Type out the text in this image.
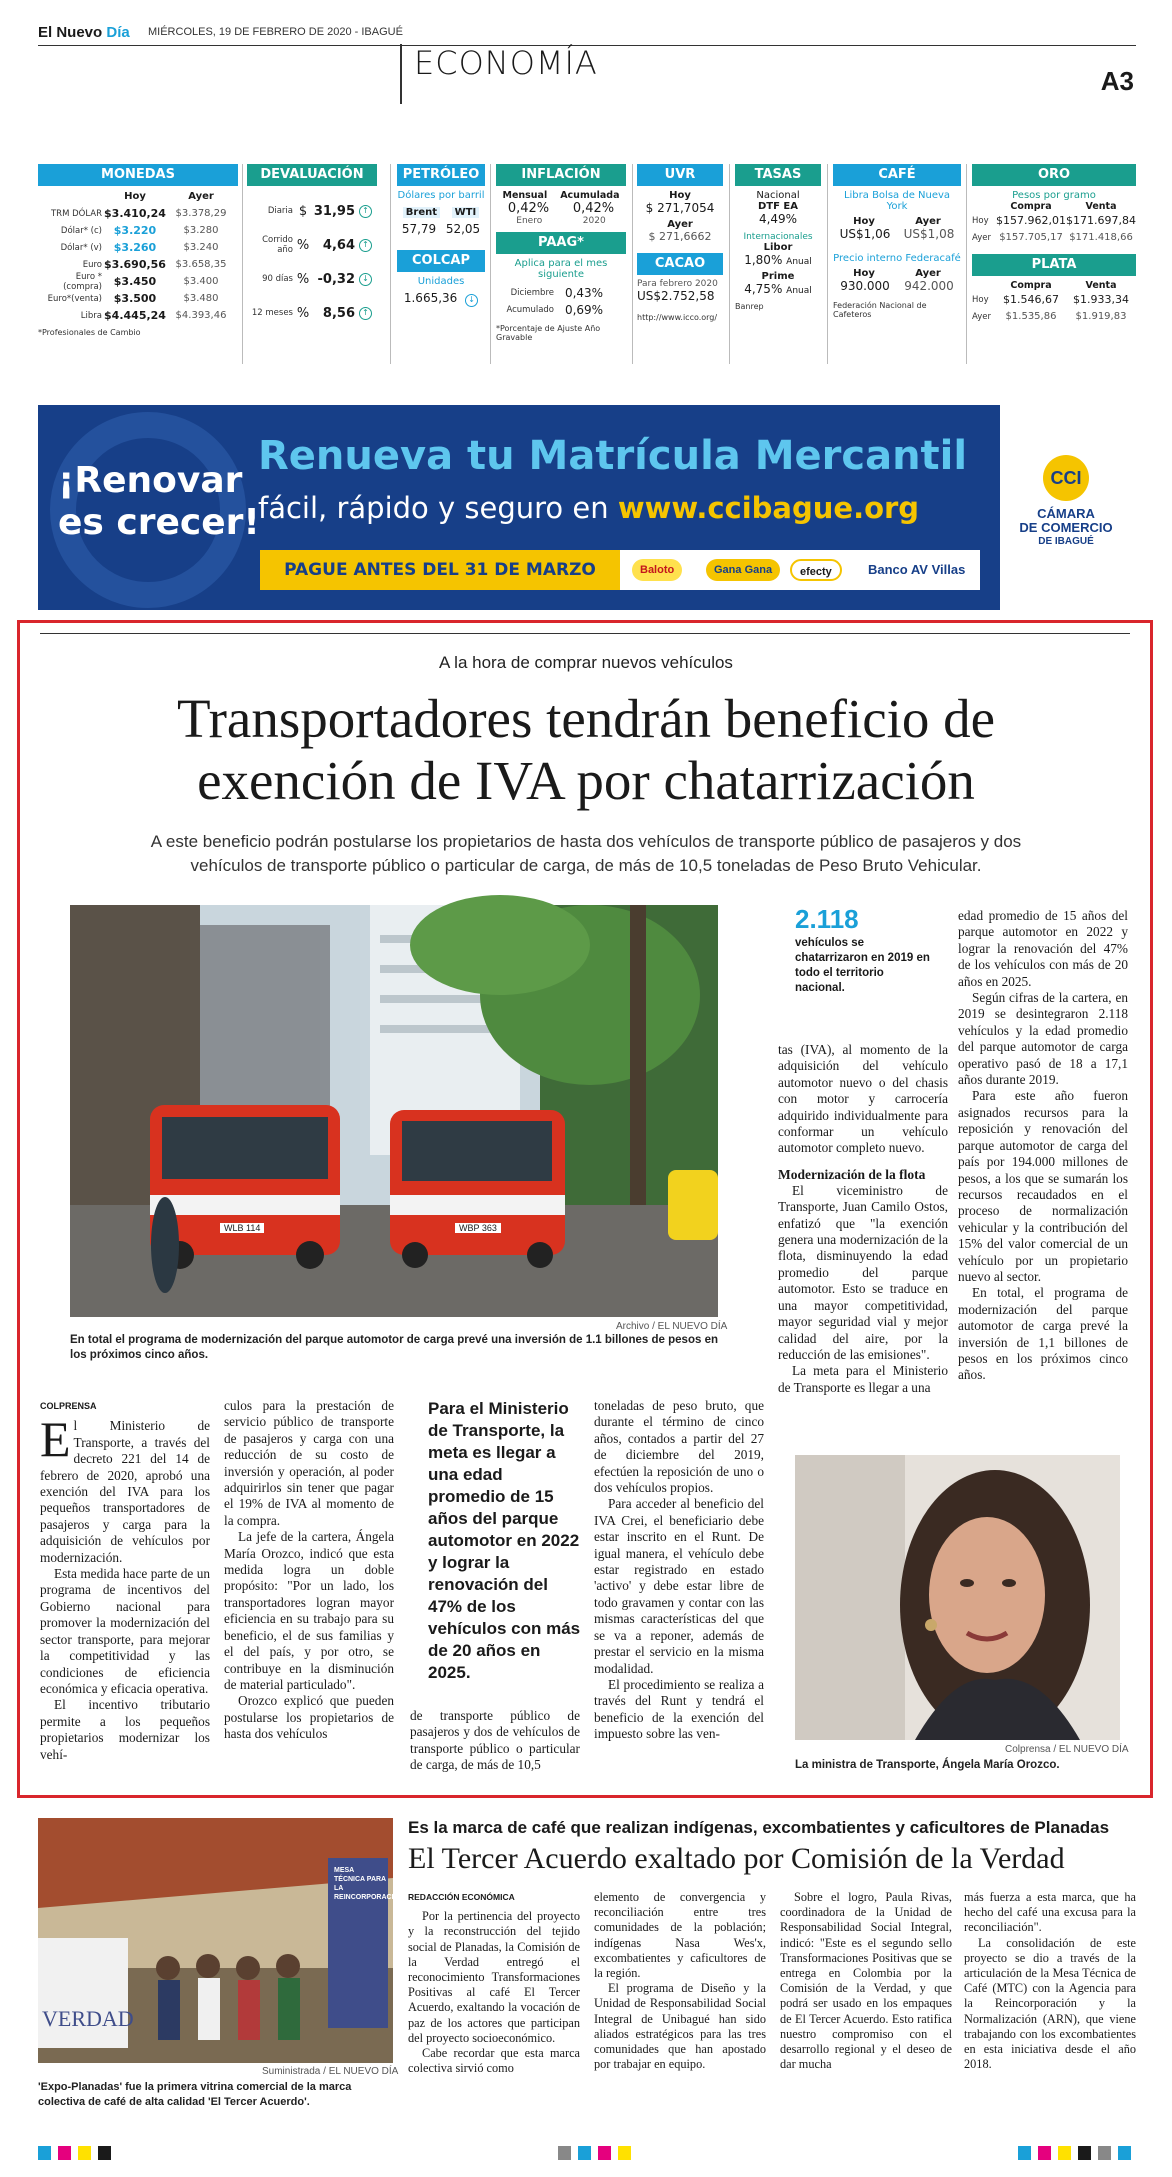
El Nuevo Día MIÉRCOLES, 19 DE FEBRERO DE 2020 - IBAGUÉ
ECONOMÍA	A3
MONEDAS
Hoy	Ayer
TRM DÓLAR $3.410,24 $3.378,29
Dólar* (c)	$3.220	$3.280
Dólar* (v)	$3.260	$3.240
Euro $3.690,56 $3.658,35
Euro *(compra)	$3.450	$3.400
Euro*(venta)	$3.500	$3.480
Libra $4.445,24 $4.393,46
*Profesionales de Cambio
DEVALUACIÓN
Diaria $ 31,95 ↑
Corrido año %	4,64 ↑
90 días % -0,32 ↓
12 meses %	8,56 ↑
PETRÓLEO
Dólares por barril
Brent	WTI
57,79 52,05
COLCAP
Unidades
1.665,36 ↓
INFLACIÓN
Mensual Acumulada
0,42% 0,42%
Enero	2020
PAAG*
Aplica para el mes siguiente
Diciembre 0,43%
Acumulado 0,69%
*Porcentaje de Ajuste Año Gravable
UVR
Hoy
$ 271,7054
Ayer
$ 271,6662
CACAO
Para febrero 2020
US$2.752,58
http://www.icco.org/
TASAS
Nacional
DTF EA
4,49%
Internacionales
Libor
1,80% Anual
Prime
4,75% Anual
Banrep
CAFÉ
Libra Bolsa de Nueva York
Hoy	Ayer
US$1,06 US$1,08
Precio interno Federacafé
Hoy	Ayer
930.000 942.000
Federación Nacional de Cafeteros
ORO
Pesos por gramo
Compra	Venta
Hoy $157.962,01 $171.697,84
Ayer $157.705,17 $171.418,66
PLATA
Compra	Venta
Hoy	$1.546,67	$1.933,34
Ayer	$1.535,86	$1.919,83
¡Renovar
es crecer!
Renueva tu Matrícula Mercantil
fácil, rápido y seguro en www.ccibague.org
PAGUE ANTES DEL 31 DE MARZO	Baloto	Gana Gana	efecty	Banco AV Villas
CCI
CÁMARA
DE COMERCIO
DE IBAGUÉ
A la hora de comprar nuevos vehículos
Transportadores tendrán beneficio de
exención de IVA por chatarrización
A este beneficio podrán postularse los propietarios de hasta dos vehículos de transporte público de pasajeros y dos vehículos de transporte público o particular de carga, de más de 10,5 toneladas de Peso Bruto Vehicular.
WLB 114	WBP 363
Archivo / EL NUEVO DÍA
En total el programa de modernización del parque automotor de carga prevé una inversión de 1.1 billones de pesos en los próximos cinco años.
2.118
vehículos se chatarrizaron en 2019 en todo el territorio nacional.

COLPRENSA

El Ministerio de Transporte, a través del decreto 221 del 14 de febrero de 2020, aprobó una exención del IVA para los pequeños transportadores de pasajeros y carga para la adquisición de vehículos por modernización.

Esta medida hace parte de un programa de incentivos del Gobierno nacional para promover la modernización del sector transporte, para mejorar la competitividad y las condiciones de eficiencia económica y eficacia operativa.

El incentivo tributario permite a los pequeños propietarios modernizar los vehí-

culos para la prestación de servicio público de transporte de pasajeros y carga con una reducción de su costo de inversión y operación, al poder adquirirlos sin tener que pagar el 19% de IVA al momento de la compra.

La jefe de la cartera, Ángela María Orozco, indicó que esta medida logra un doble propósito: "Por un lado, los transportadores logran mayor eficiencia en su trabajo para su beneficio, el de sus familias y el del país, y por otro, se contribuye en la disminución de material particulado".

Orozco explicó que pueden postularse los propietarios de hasta dos vehículos

Para el Ministerio de Transporte, la meta es llegar a una edad promedio de 15 años del parque automotor en 2022 y lograr la renovación del 47% de los vehículos con más de 20 años en 2025.

de transporte público de pasajeros y dos de vehículos de transporte público o particular de carga, de más de 10,5

toneladas de peso bruto, que durante el término de cinco años, contados a partir del 27 de diciembre del 2019, efectúen la reposición de uno o dos vehículos propios.

Para acceder al beneficio del IVA Crei, el beneficiario debe estar inscrito en el Runt. De igual manera, el vehículo debe estar registrado en estado 'activo' y debe estar libre de todo gravamen y contar con las mismas características del que se va a reponer, además de prestar el servicio en la misma modalidad.

El procedimiento se realiza a través del Runt y tendrá el beneficio de la exención del impuesto sobre las ven-

tas (IVA), al momento de la adquisición del vehículo automotor nuevo o del chasis con motor y carrocería adquirido individualmente para conformar un vehículo automotor completo nuevo.

Modernización de la flota

El viceministro de Transporte, Juan Camilo Ostos, enfatizó que "la exención genera una modernización de la flota, disminuyendo la edad promedio del parque automotor. Esto se traduce en una mayor competitividad, mayor seguridad vial y mejor calidad del aire, por la reducción de las emisiones".

La meta para el Ministerio de Transporte es llegar a una

edad promedio de 15 años del parque automotor en 2022 y lograr la renovación del 47% de los vehículos con más de 20 años en 2025.

Según cifras de la cartera, en 2019 se desintegraron 2.118 vehículos y la edad promedio del parque automotor de carga operativo pasó de 18 a 17,1 años durante 2019.

Para este año fueron asignados recursos para la reposición y renovación del parque automotor de carga del país por 194.000 millones de pesos, a los que se sumarán los recursos recaudados en el proceso de normalización vehicular y la contribución del 15% del valor comercial de un vehículo por un propietario nuevo al sector.

En total, el programa de modernización del parque automotor de carga prevé la inversión de 1,1 billones de pesos en los próximos cinco años.

Colprensa / EL NUEVO DÍA
La ministra de Transporte, Ángela María Orozco.
MESA TÉCNICA PARA LA REINCORPORACIÓN
VERDAD
Suministrada / EL NUEVO DÍA
'Expo-Planadas' fue la primera vitrina comercial de la marca colectiva de café de alta calidad 'El Tercer Acuerdo'.
Es la marca de café que realizan indígenas, excombatientes y caficultores de Planadas
El Tercer Acuerdo exaltado por Comisión de la Verdad

REDACCIÓN ECONÓMICA

Por la pertinencia del proyecto y la reconstrucción del tejido social de Planadas, la Comisión de la Verdad entregó el reconocimiento Transformaciones Positivas al café El Tercer Acuerdo, exaltando la vocación de paz de los actores que participan del proyecto socioeconómico.

Cabe recordar que esta marca colectiva sirvió como

elemento de convergencia y reconciliación entre tres comunidades de la población; indígenas Nasa Wes'x, excombatientes y caficultores de la región.

El programa de Diseño y la Unidad de Responsabilidad Social Integral de Unibagué han sido aliados estratégicos para las tres comunidades que han apostado por trabajar en equipo.

Sobre el logro, Paula Rivas, coordinadora de la Unidad de Responsabilidad Social Integral, indicó: "Este es el segundo sello Transformaciones Positivas que se entrega en Colombia por la Comisión de la Verdad, y que podrá ser usado en los empaques de El Tercer Acuerdo. Esto ratifica nuestro compromiso con el desarrollo regional y el deseo de dar mucha

más fuerza a esta marca, que ha hecho del café una excusa para la reconciliación".

La consolidación de este proyecto se dio a través de la articulación de la Mesa Técnica de Café (MTC) con la Agencia para la Reincorporación y la Normalización (ARN), que viene trabajando con los excombatientes en esta iniciativa desde el año 2018.
